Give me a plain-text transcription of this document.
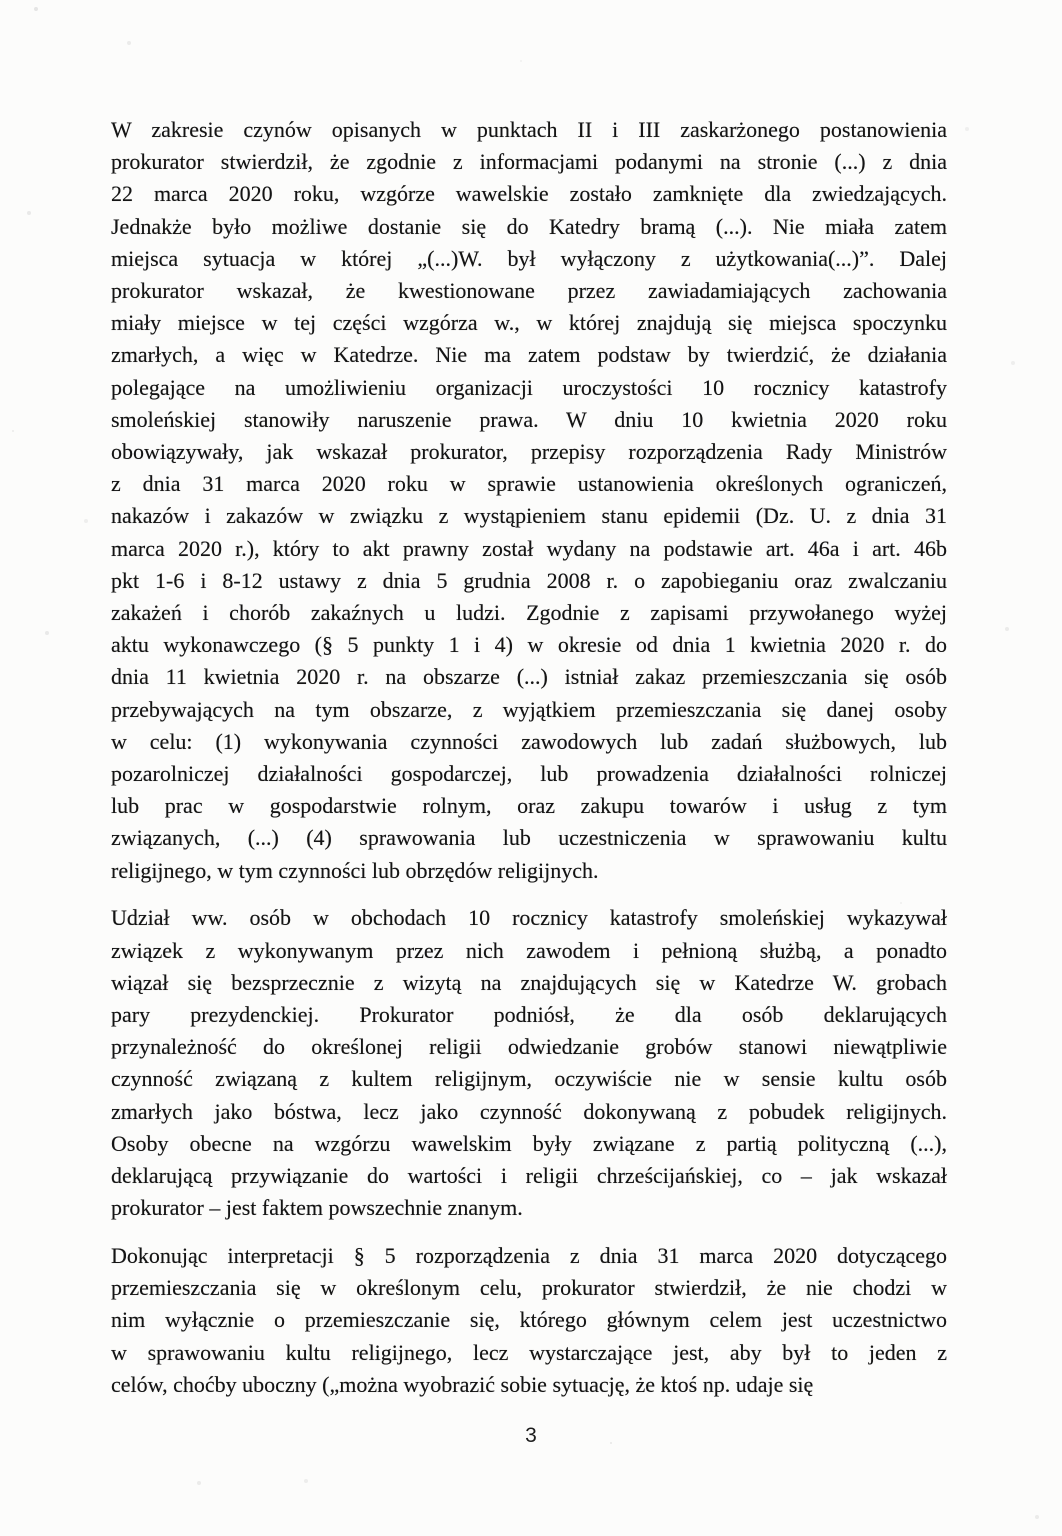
W zakresie czynów opisanych w punktach II i III zaskarżonego postanowienia
prokurator stwierdził, że zgodnie z informacjami podanymi na stronie (...) z dnia
22 marca 2020 roku, wzgórze wawelskie zostało zamknięte dla zwiedzających.
Jednakże było możliwe dostanie się do Katedry bramą (...). Nie miała zatem
miejsca sytuacja w której „(...)W. był wyłączony z użytkowania(...)”. Dalej
prokurator wskazał, że kwestionowane przez zawiadamiających zachowania
miały miejsce w tej części wzgórza w., w której znajdują się miejsca spoczynku
zmarłych, a więc w Katedrze. Nie ma zatem podstaw by twierdzić, że działania
polegające na umożliwieniu organizacji uroczystości 10 rocznicy katastrofy
smoleńskiej stanowiły naruszenie prawa. W dniu 10 kwietnia 2020 roku
obowiązywały, jak wskazał prokurator, przepisy rozporządzenia Rady Ministrów
z dnia 31 marca 2020 roku w sprawie ustanowienia określonych ograniczeń,
nakazów i zakazów w związku z wystąpieniem stanu epidemii (Dz. U. z dnia 31
marca 2020 r.), który to akt prawny został wydany na podstawie art. 46a i art. 46b
pkt 1-6 i 8-12 ustawy z dnia 5 grudnia 2008 r. o zapobieganiu oraz zwalczaniu
zakażeń i chorób zakaźnych u ludzi. Zgodnie z zapisami przywołanego wyżej
aktu wykonawczego (§ 5 punkty 1 i 4) w okresie od dnia 1 kwietnia 2020 r. do
dnia 11 kwietnia 2020 r. na obszarze (...) istniał zakaz przemieszczania się osób
przebywających na tym obszarze, z wyjątkiem przemieszczania się danej osoby
w celu: (1) wykonywania czynności zawodowych lub zadań służbowych, lub
pozarolniczej działalności gospodarczej, lub prowadzenia działalności rolniczej
lub prac w gospodarstwie rolnym, oraz zakupu towarów i usług z tym
związanych, (...) (4) sprawowania lub uczestniczenia w sprawowaniu kultu
religijnego, w tym czynności lub obrzędów religijnych.
Udział ww. osób w obchodach 10 rocznicy katastrofy smoleńskiej wykazywał
związek z wykonywanym przez nich zawodem i pełnioną służbą, a ponadto
wiązał się bezsprzecznie z wizytą na znajdujących się w Katedrze W. grobach
pary prezydenckiej. Prokurator podniósł, że dla osób deklarujących
przynależność do określonej religii odwiedzanie grobów stanowi niewątpliwie
czynność związaną z kultem religijnym, oczywiście nie w sensie kultu osób
zmarłych jako bóstwa, lecz jako czynność dokonywaną z pobudek religijnych.
Osoby obecne na wzgórzu wawelskim były związane z partią polityczną (...),
deklarującą przywiązanie do wartości i religii chrześcijańskiej, co – jak wskazał
prokurator – jest faktem powszechnie znanym.
Dokonując interpretacji § 5 rozporządzenia z dnia 31 marca 2020 dotyczącego
przemieszczania się w określonym celu, prokurator stwierdził, że nie chodzi w
nim wyłącznie o przemieszczanie się, którego głównym celem jest uczestnictwo
w sprawowaniu kultu religijnego, lecz wystarczające jest, aby był to jeden z
celów, choćby uboczny („można wyobrazić sobie sytuację, że ktoś np. udaje się
3
